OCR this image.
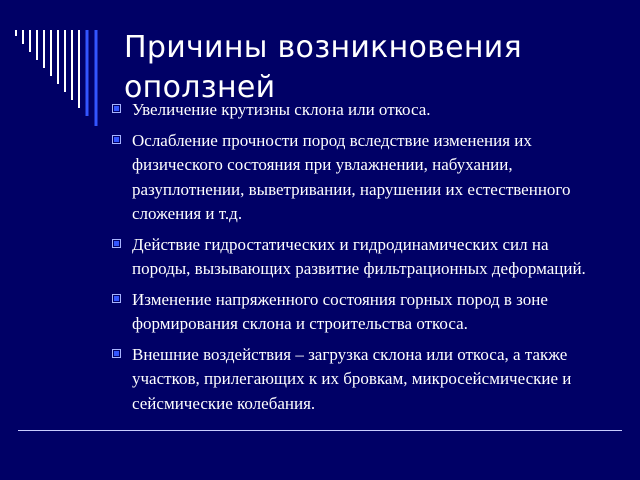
Причины возникновения оползней
Увеличение крутизны склона или откоса.
Ослабление прочности пород вследствие изменения их физического состояния при увлажнении, набухании, разуплотнении, выветривании, нарушении их естественного сложения и т.д.
Действие гидростатических и гидродинамических сил на породы, вызывающих развитие фильтрационных деформаций.
Изменение напряженного состояния горных пород в зоне формирования склона и строительства откоса.
Внешние воздействия – загрузка склона или откоса, а также участков, прилегающих к их бровкам, микросейсмические и сейсмические колебания.
